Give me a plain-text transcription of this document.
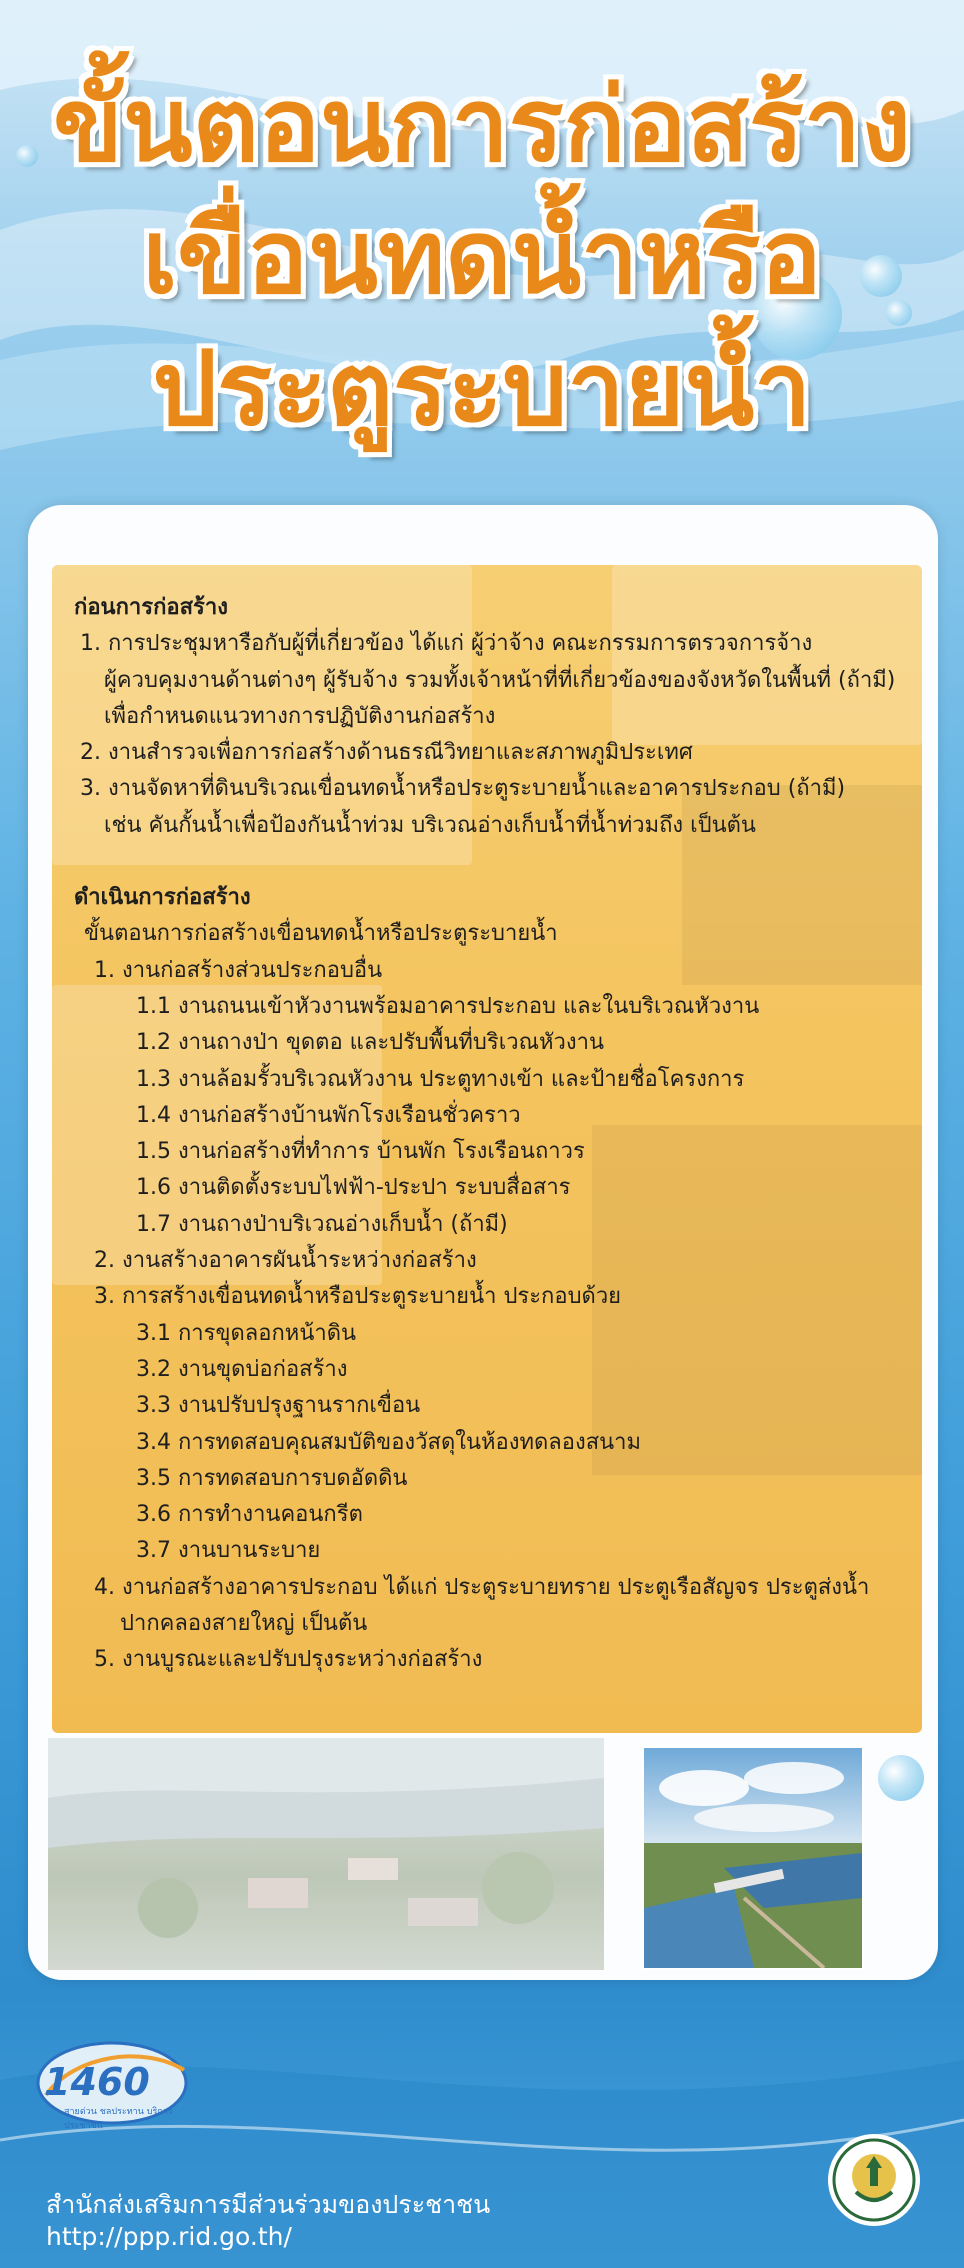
ขั้นตอนการก่อสร้าง
เขื่อนทดน้ำหรือ
ประตูระบายน้ำ
ก่อนการก่อสร้าง
1. การประชุมหารือกับผู้ที่เกี่ยวข้อง ได้แก่ ผู้ว่าจ้าง คณะกรรมการตรวจการจ้าง
ผู้ควบคุมงานด้านต่างๆ ผู้รับจ้าง รวมทั้งเจ้าหน้าที่ที่เกี่ยวข้องของจังหวัดในพื้นที่ (ถ้ามี)
เพื่อกำหนดแนวทางการปฏิบัติงานก่อสร้าง
2. งานสำรวจเพื่อการก่อสร้างด้านธรณีวิทยาและสภาพภูมิประเทศ
3. งานจัดหาที่ดินบริเวณเขื่อนทดน้ำหรือประตูระบายน้ำและอาคารประกอบ (ถ้ามี)
เช่น คันกั้นน้ำเพื่อป้องกันน้ำท่วม บริเวณอ่างเก็บน้ำที่น้ำท่วมถึง เป็นต้น
ดำเนินการก่อสร้าง
ขั้นตอนการก่อสร้างเขื่อนทดน้ำหรือประตูระบายน้ำ
1. งานก่อสร้างส่วนประกอบอื่น
1.1 งานถนนเข้าหัวงานพร้อมอาคารประกอบ และในบริเวณหัวงาน
1.2 งานถางป่า ขุดตอ และปรับพื้นที่บริเวณหัวงาน
1.3 งานล้อมรั้วบริเวณหัวงาน ประตูทางเข้า และป้ายชื่อโครงการ
1.4 งานก่อสร้างบ้านพักโรงเรือนชั่วคราว
1.5 งานก่อสร้างที่ทำการ บ้านพัก โรงเรือนถาวร
1.6 งานติดตั้งระบบไฟฟ้า-ประปา ระบบสื่อสาร
1.7 งานถางป่าบริเวณอ่างเก็บน้ำ (ถ้ามี)
2. งานสร้างอาคารผันน้ำระหว่างก่อสร้าง
3. การสร้างเขื่อนทดน้ำหรือประตูระบายน้ำ ประกอบด้วย
3.1 การขุดลอกหน้าดิน
3.2 งานขุดบ่อก่อสร้าง
3.3 งานปรับปรุงฐานรากเขื่อน
3.4 การทดสอบคุณสมบัติของวัสดุในห้องทดลองสนาม
3.5 การทดสอบการบดอัดดิน
3.6 การทำงานคอนกรีต
3.7 งานบานระบาย
4. งานก่อสร้างอาคารประกอบ ได้แก่ ประตูระบายทราย ประตูเรือสัญจร ประตูส่งน้ำ
ปากคลองสายใหญ่ เป็นต้น
5. งานบูรณะและปรับปรุงระหว่างก่อสร้าง
1460
สายด่วน ชลประทาน บริการประชาชน
สำนักส่งเสริมการมีส่วนร่วมของประชาชน
http://ppp.rid.go.th/
